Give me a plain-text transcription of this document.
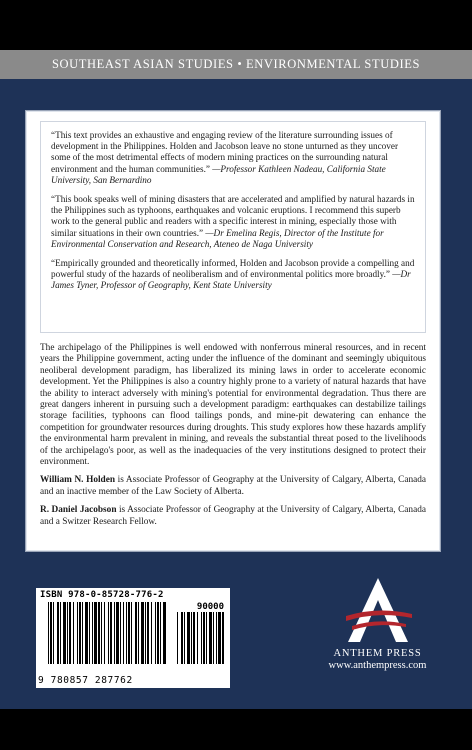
SOUTHEAST ASIAN STUDIES • ENVIRONMENTAL STUDIES

“This text provides an exhaustive and engaging review of the literature surrounding issues of development in the Philippines. Holden and Jacobson leave no stone unturned as they uncover some of the most detrimental effects of modern mining practices on the surrounding natural environment and the human communities.” —Professor Kathleen Nadeau, California State University, San Bernardino

“This book speaks well of mining disasters that are accelerated and amplified by natural hazards in the Philippines such as typhoons, earthquakes and volcanic eruptions. I recommend this superb work to the general public and readers with a specific interest in mining, especially those with similar situations in their own countries.” —Dr Emelina Regis, Director of the Institute for Environmental Conservation and Research, Ateneo de Naga University

“Empirically grounded and theoretically informed, Holden and Jacobson provide a compelling and powerful study of the hazards of neoliberalism and of environmental politics more broadly.” —Dr James Tyner, Professor of Geography, Kent State University

The archipelago of the Philippines is well endowed with nonferrous mineral resources, and in recent years the Philippine government, acting under the influence of the dominant and seemingly ubiquitous neoliberal development paradigm, has liberalized its mining laws in order to accelerate economic development. Yet the Philippines is also a country highly prone to a variety of natural hazards that have the ability to interact adversely with mining's potential for environmental degradation. Thus there are great dangers inherent in pursuing such a development paradigm: earthquakes can destabilize tailings storage facilities, typhoons can flood tailings ponds, and mine-pit dewatering can enhance the competition for groundwater resources during droughts. This study explores how these hazards amplify the environmental harm prevalent in mining, and reveals the substantial threat posed to the livelihoods of the archipelago's poor, as well as the inadequacies of the very institutions designed to protect their environment.

William N. Holden is Associate Professor of Geography at the University of Calgary, Alberta, Canada and an inactive member of the Law Society of Alberta.

R. Daniel Jacobson is Associate Professor of Geography at the University of Calgary, Alberta, Canada and a Switzer Research Fellow.

ISBN 978-0-85728-776-2
90000
9 780857 287762
ANTHEM PRESS
www.anthempress.com
